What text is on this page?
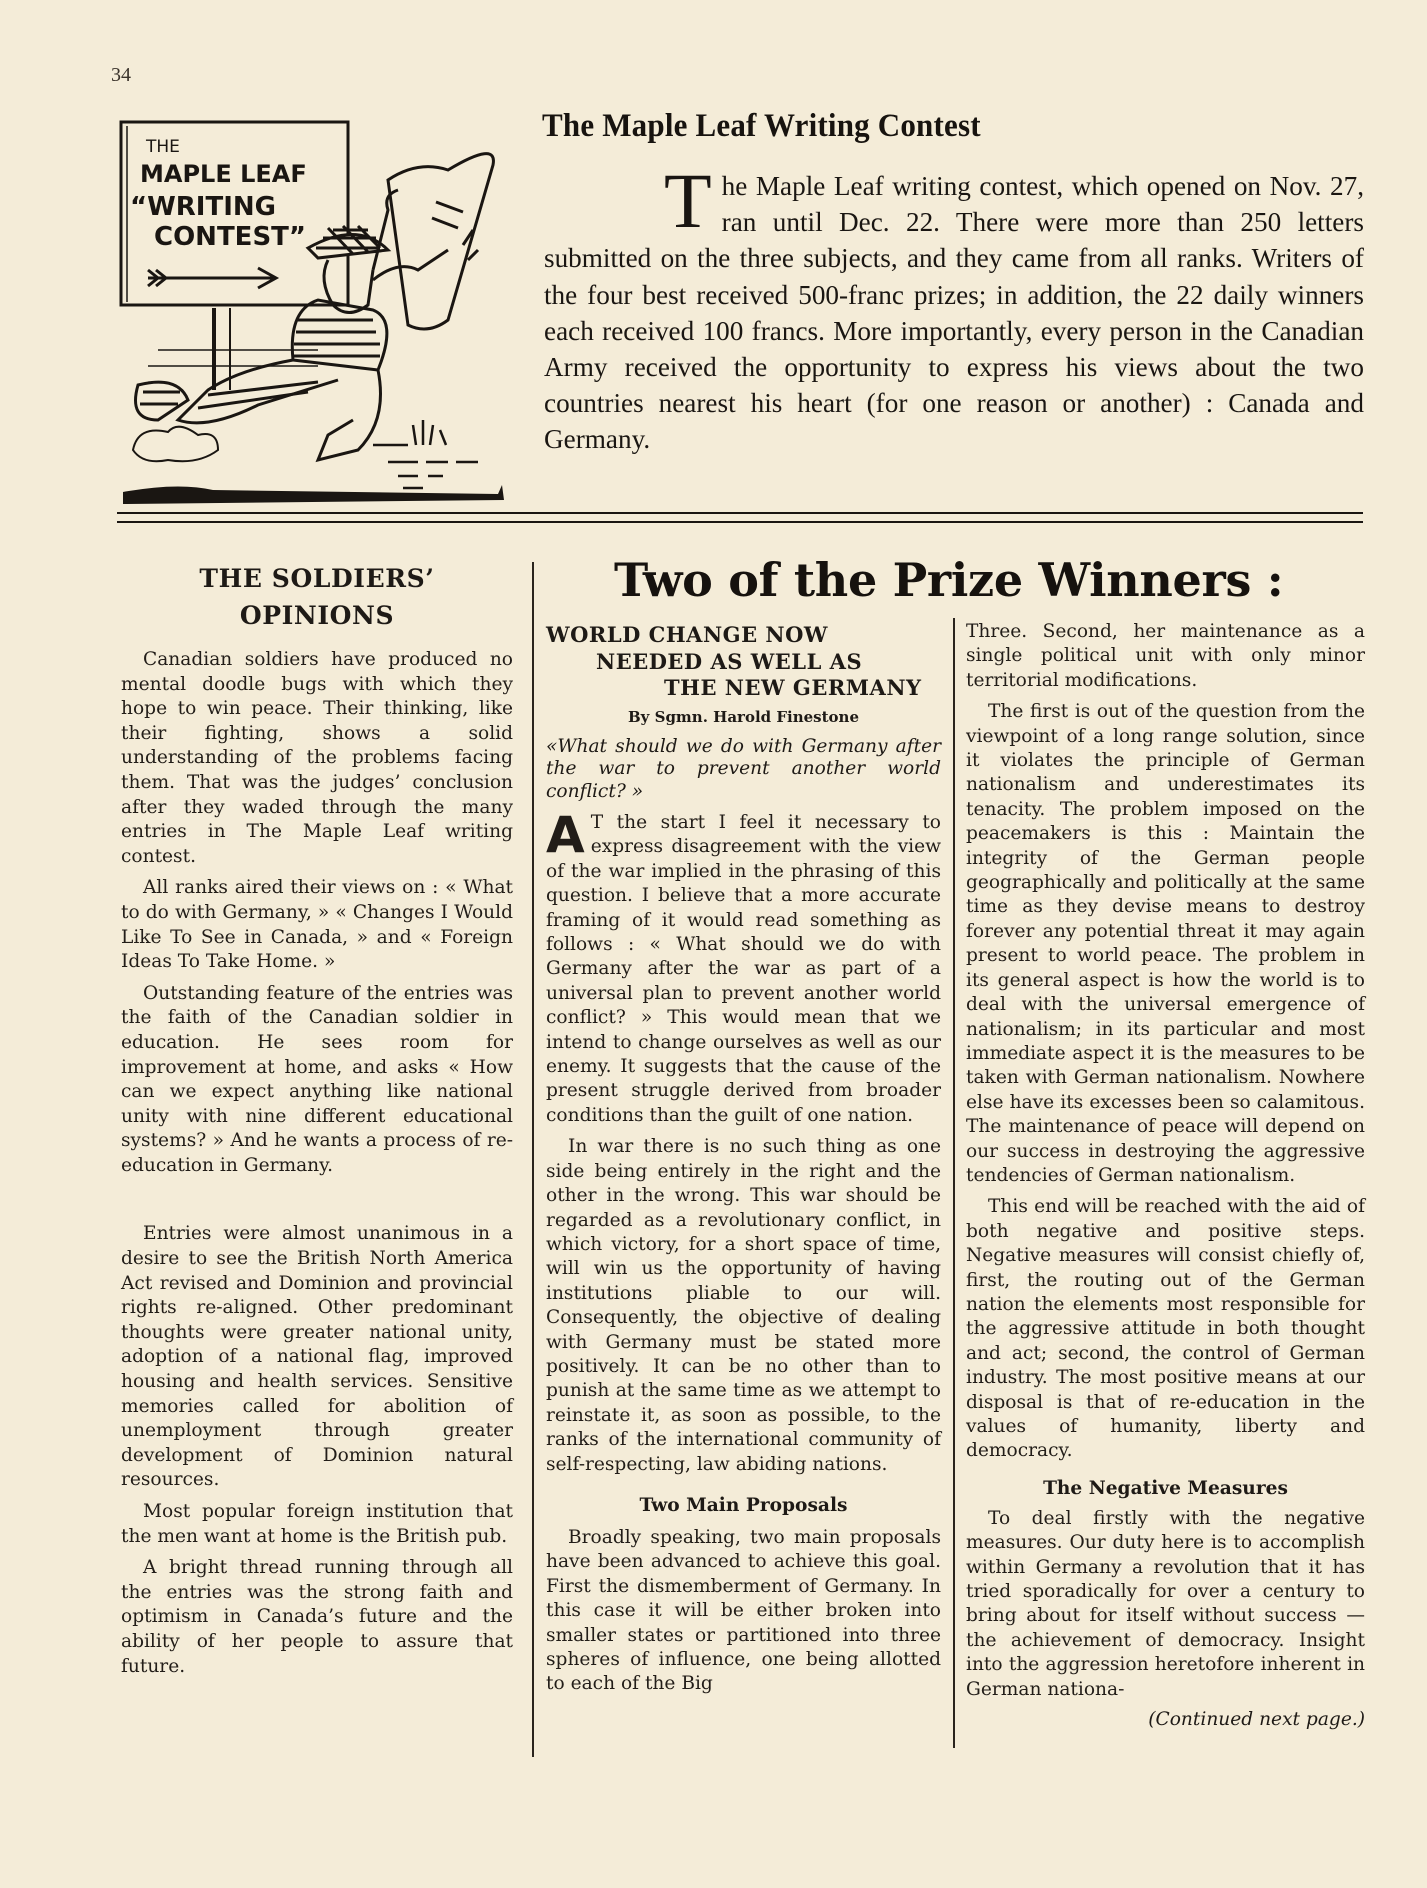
34
THE
MAPLE LEAF
“WRITING
CONTEST”
The Maple Leaf Writing Contest

The Maple Leaf writing contest, which opened on Nov. 27, ran until Dec. 22. There were more than 250 letters submitted on the three subjects, and they came from all ranks. Writers of the four best received 500-franc prizes; in addition, the 22 daily winners each received 100 francs. More importantly, every person in the Canadian Army received the opportunity to express his views about the two countries nearest his heart (for one reason or another) : Canada and Germany.

THE SOLDIERS’
OPINIONS

Canadian soldiers have produced no mental doodle bugs with which they hope to win peace. Their thinking, like their fighting, shows a solid understanding of the problems facing them. That was the judges’ conclusion after they waded through the many entries in The Maple Leaf writing contest.

All ranks aired their views on : « What to do with Germany, » « Changes I Would Like To See in Canada, » and « Foreign Ideas To Take Home. »

Outstanding feature of the entries was the faith of the Canadian soldier in education. He sees room for improvement at home, and asks « How can we expect anything like national unity with nine different educational systems? » And he wants a process of re-education in Germany.

Entries were almost unanimous in a desire to see the British North America Act revised and Dominion and provincial rights re-aligned. Other predominant thoughts were greater national unity, adoption of a national flag, improved housing and health services. Sensitive memories called for abolition of unemployment through greater development of Dominion natural resources.

Most popular foreign institution that the men want at home is the British pub.

A bright thread running through all the entries was the strong faith and optimism in Canada’s future and the ability of her people to assure that future.

Two of the Prize Winners :
WORLD CHANGE NOW
NEEDED AS WELL AS
THE NEW GERMANY
By Sgmn. Harold Finestone

«What should we do with Germany after the war to prevent another world conflict? »

A T the start I feel it necessary to express disagreement with the view of the war implied in the phrasing of this question. I believe that a more accurate framing of it would read something as follows : « What should we do with Germany after the war as part of a universal plan to prevent another world conflict? » This would mean that we intend to change ourselves as well as our enemy. It suggests that the cause of the present struggle derived from broader conditions than the guilt of one nation.

In war there is no such thing as one side being entirely in the right and the other in the wrong. This war should be regarded as a revolutionary conflict, in which victory, for a short space of time, will win us the opportunity of having institutions pliable to our will. Consequently, the objective of dealing with Germany must be stated more positively. It can be no other than to punish at the same time as we attempt to reinstate it, as soon as possible, to the ranks of the international community of self-respecting, law abiding nations.

Two Main Proposals

Broadly speaking, two main proposals have been advanced to achieve this goal. First the dismemberment of Germany. In this case it will be either broken into smaller states or partitioned into three spheres of influence, one being allotted to each of the Big

Three. Second, her maintenance as a single political unit with only minor territorial modifications.

The first is out of the question from the viewpoint of a long range solution, since it violates the principle of German nationalism and underestimates its tenacity. The problem imposed on the peacemakers is this : Maintain the integrity of the German people geographically and politically at the same time as they devise means to destroy forever any potential threat it may again present to world peace. The problem in its general aspect is how the world is to deal with the universal emergence of nationalism; in its particular and most immediate aspect it is the measures to be taken with German nationalism. Nowhere else have its excesses been so calamitous. The maintenance of peace will depend on our success in destroying the aggressive tendencies of German nationalism.

This end will be reached with the aid of both negative and positive steps. Negative measures will consist chiefly of, first, the routing out of the German nation the elements most responsible for the aggressive attitude in both thought and act; second, the control of German industry. The most positive means at our disposal is that of re-education in the values of humanity, liberty and democracy.

The Negative Measures

To deal firstly with the negative measures. Our duty here is to accomplish within Germany a revolution that it has tried sporadically for over a century to bring about for itself without success — the achievement of democracy. Insight into the aggression heretofore inherent in German nationa-

(Continued next page.)
